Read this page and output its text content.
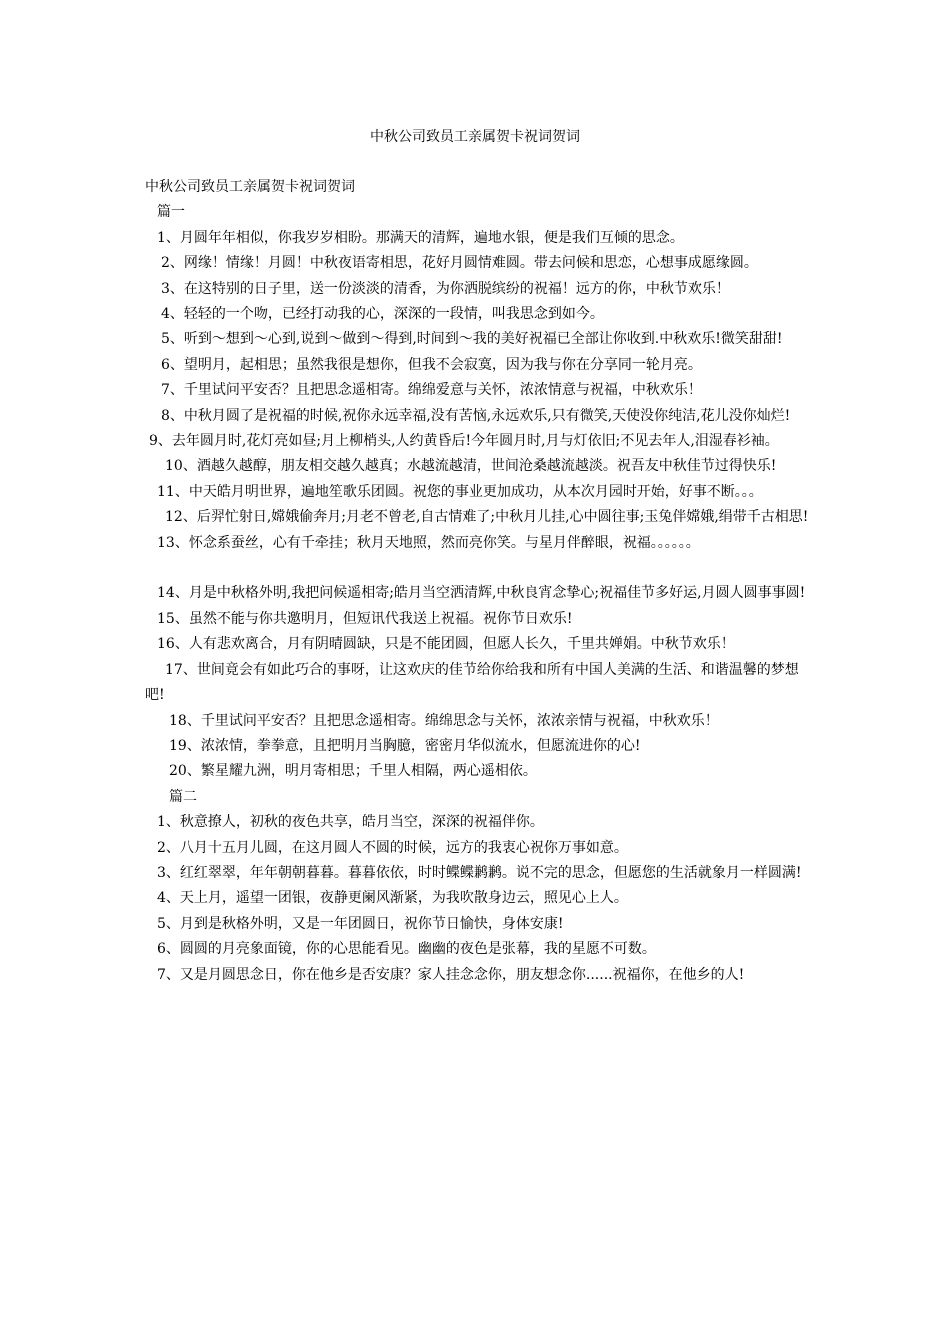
中秋公司致员工亲属贺卡祝词贺词

中秋公司致员工亲属贺卡祝词贺词

篇一

1、月圆年年相似，你我岁岁相盼。那满天的清辉，遍地水银，便是我们互倾的思念。

2、网缘！情缘！月圆！中秋夜语寄相思，花好月圆情难圆。带去问候和思恋，心想事成愿缘圆。

3、在这特别的日子里，送一份淡淡的清香，为你洒脱缤纷的祝福！远方的你，中秋节欢乐！

4、轻轻的一个吻，已经打动我的心，深深的一段情，叫我思念到如今。

5、听到～想到～心到,说到～做到～得到,时间到～我的美好祝福已全部让你收到.中秋欢乐!微笑甜甜!

6、望明月，起相思；虽然我很是想你，但我不会寂寞，因为我与你在分享同一轮月亮。

7、千里试问平安否？且把思念遥相寄。绵绵爱意与关怀，浓浓情意与祝福，中秋欢乐！

8、中秋月圆了是祝福的时候,祝你永远幸福,没有苦恼,永远欢乐,只有微笑,天使没你纯洁,花儿没你灿烂!

9、去年圆月时,花灯亮如昼;月上柳梢头,人约黄昏后!今年圆月时,月与灯依旧;不见去年人,泪湿春衫袖。

10、酒越久越醇，朋友相交越久越真；水越流越清，世间沧桑越流越淡。祝吾友中秋佳节过得快乐!

11、中天皓月明世界，遍地笙歌乐团圆。祝您的事业更加成功，从本次月园时开始，好事不断。。。

12、后羿忙射日,嫦娥偷奔月;月老不曾老,自古情难了;中秋月儿挂,心中圆往事;玉兔伴嫦娥,绢带千古相思!

13、怀念系蚕丝，心有千牵挂；秋月天地照，然而亮你笑。与星月伴醉眼，祝福。。。。。。

14、月是中秋格外明,我把问候遥相寄;皓月当空洒清辉,中秋良宵念挚心;祝福佳节多好运,月圆人圆事事圆!

15、虽然不能与你共邀明月，但短讯代我送上祝福。祝你节日欢乐!

16、人有悲欢离合，月有阴晴圆缺，只是不能团圆，但愿人长久，千里共婵娟。中秋节欢乐！

17、世间竟会有如此巧合的事呀，让这欢庆的佳节给你给我和所有中国人美满的生活、和谐温馨的梦想吧!

18、千里试问平安否？且把思念遥相寄。绵绵思念与关怀，浓浓亲情与祝福，中秋欢乐！

19、浓浓情，拳拳意，且把明月当胸臆，密密月华似流水，但愿流进你的心!

20、繁星耀九洲，明月寄相思；千里人相隔，两心遥相依。

篇二

1、秋意撩人，初秋的夜色共享，皓月当空，深深的祝福伴你。

2、八月十五月儿圆，在这月圆人不圆的时候，远方的我衷心祝你万事如意。

3、红红翠翠，年年朝朝暮暮。暮暮依依，时时鲽鲽鹣鹣。说不完的思念，但愿您的生活就象月一样圆满!

4、天上月，遥望一团银，夜静更阑风渐紧，为我吹散身边云，照见心上人。

5、月到是秋格外明，又是一年团圆日，祝你节日愉快，身体安康!

6、圆圆的月亮象面镜，你的心思能看见。幽幽的夜色是张幕，我的星愿不可数。

7、又是月圆思念日，你在他乡是否安康？家人挂念念你，朋友想念你......祝福你，在他乡的人!
